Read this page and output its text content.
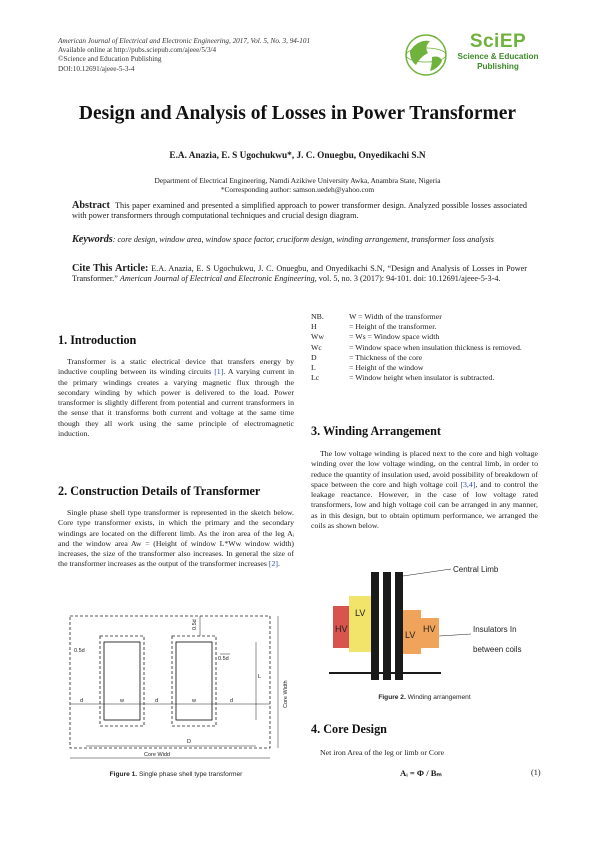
American Journal of Electrical and Electronic Engineering, 2017, Vol. 5, No. 3, 94-101
Available online at http://pubs.sciepub.com/ajeee/5/3/4
©Science and Education Publishing
DOI:10.12691/ajeee-5-3-4
SciEP
Science & Education
Publishing
Design and Analysis of Losses in Power Transformer
E.A. Anazia, E. S Ugochukwu*, J. C. Onuegbu, Onyedikachi S.N
Department of Electrical Engineering, Namdi Azikiwe University Awka, Anambra State, Nigeria
*Corresponding author: samson.uedeh@yahoo.com
Abstract This paper examined and presented a simplified approach to power transformer design. Analyzed possible losses associated with power transformers through computational techniques and crucial design diagram.
Keywords: core design, window area, window space factor, cruciform design, winding arrangement, transformer loss analysis
Cite This Article: E.A. Anazia, E. S Ugochukwu, J. C. Onuegbu, and Onyedikachi S.N, “Design and Analysis of Losses in Power Transformer.” American Journal of Electrical and Electronic Engineering, vol. 5, no. 3 (2017): 94-101. doi: 10.12691/ajeee-5-3-4.
1. Introduction
Transformer is a static electrical device that transfers energy by inductive coupling between its winding circuits [1]. A varying current in the primary windings creates a varying magnetic flux through the secondary winding by which power is delivered to the load. Power transformer is slightly different from potential and current transformers in the sense that it transforms both current and voltage at the same time though they all work using the same principle of electromagnetic induction.
2. Construction Details of Transformer
Single phase shell type transformer is represented in the sketch below. Core type transformer exists, in which the primary and the secondary windings are located on the different limb. As the iron area of the leg Aᵢ and the window area Aw = (Height of window L*Ww window width) increases, the size of the transformer also increases. In general the size of the transformer increases as the output of the transformer increases [2].
0.5d
0.5d
0.5d
d	w	d	w	d
L
Core Width
D
Core Widd
Figure 1. Single phase shell type transformer
NB.	W = Width of the transformer
H	= Height of the transformer.
Ww	= Ws = Window space width
Wc	= Window space when insulation thickness is removed.
D	= Thickness of the core
L	= Height of the window
Lc	= Window height when insulator is subtracted.
3. Winding Arrangement
The low voltage winding is placed next to the core and high voltage winding over the low voltage winding, on the central limb, in order to reduce the quantity of insulation used, avoid possibility of breakdown of space between the core and high voltage coil [3,4], and to control the leakage reactance. However, in the case of low voltage rated transformers, low and high voltage coil can be arranged in any manner, as in this design, but to obtain optimum performance, we arranged the coils as shown below.
HV
LV
LV
HV
Central Limb
Insulators In
between coils
Figure 2. Winding arrangement
4. Core Design
Net iron Area of the leg or limb or Core
Aᵢ = Φ / Bₘ	(1)
